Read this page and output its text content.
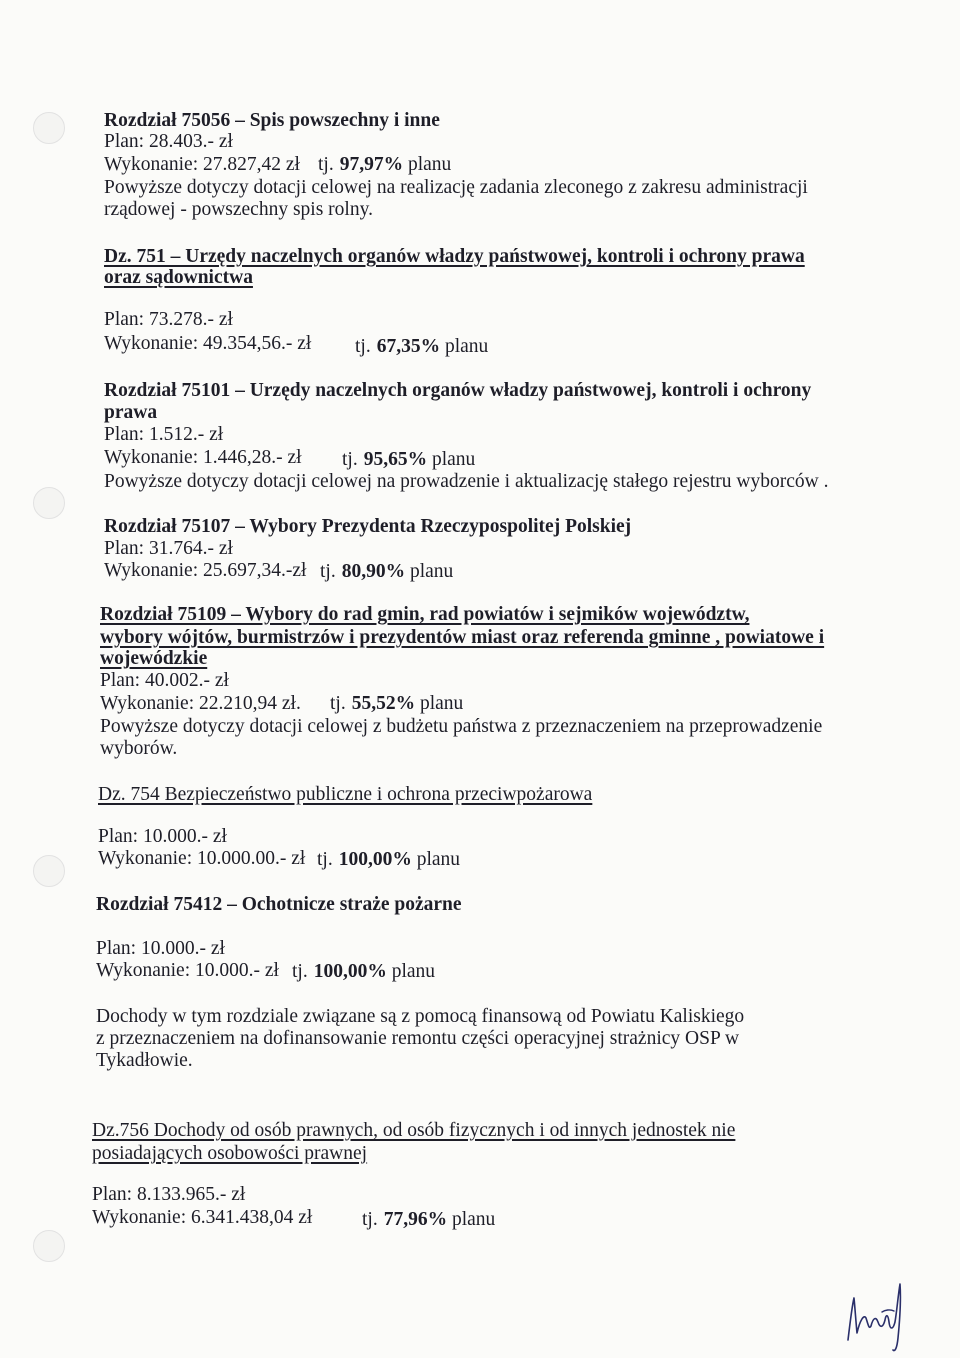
Rozdział 75056 – Spis powszechny i inne
Plan: 28.403.- zł
Wykonanie: 27.827,42 zł tj. 97,97% planu
Powyższe dotyczy dotacji celowej na realizację zadania zleconego z zakresu administracji
rządowej - powszechny spis rolny.
Dz. 751 – Urzędy naczelnych organów władzy państwowej, kontroli i ochrony prawa
oraz sądownictwa
Plan: 73.278.- zł
Wykonanie: 49.354,56.- zł tj. 67,35% planu
Rozdział 75101 – Urzędy naczelnych organów władzy państwowej, kontroli i ochrony
prawa
Plan: 1.512.- zł
Wykonanie: 1.446,28.- zł tj. 95,65% planu
Powyższe dotyczy dotacji celowej na prowadzenie i aktualizację stałego rejestru wyborców .
Rozdział 75107 – Wybory Prezydenta Rzeczypospolitej Polskiej
Plan: 31.764.- zł
Wykonanie: 25.697,34.-zł tj. 80,90% planu
Rozdział 75109 – Wybory do rad gmin, rad powiatów i sejmików województw,
wybory wójtów, burmistrzów i prezydentów miast oraz referenda gminne , powiatowe i
wojewódzkie
Plan: 40.002.- zł
Wykonanie: 22.210,94 zł. tj. 55,52% planu
Powyższe dotyczy dotacji celowej z budżetu państwa z przeznaczeniem na przeprowadzenie
wyborów.
Dz. 754 Bezpieczeństwo publiczne i ochrona przeciwpożarowa
Plan: 10.000.- zł
Wykonanie: 10.000.00.- zł tj. 100,00% planu
Rozdział 75412 – Ochotnicze straże pożarne
Plan: 10.000.- zł
Wykonanie: 10.000.- zł tj. 100,00% planu
Dochody w tym rozdziale związane są z pomocą finansową od Powiatu Kaliskiego
z przeznaczeniem na dofinansowanie remontu części operacyjnej strażnicy OSP w
Tykadłowie.
Dz.756 Dochody od osób prawnych, od osób fizycznych i od innych jednostek nie
posiadających osobowości prawnej
Plan: 8.133.965.- zł
Wykonanie: 6.341.438,04 zł	tj. 77,96% planu
